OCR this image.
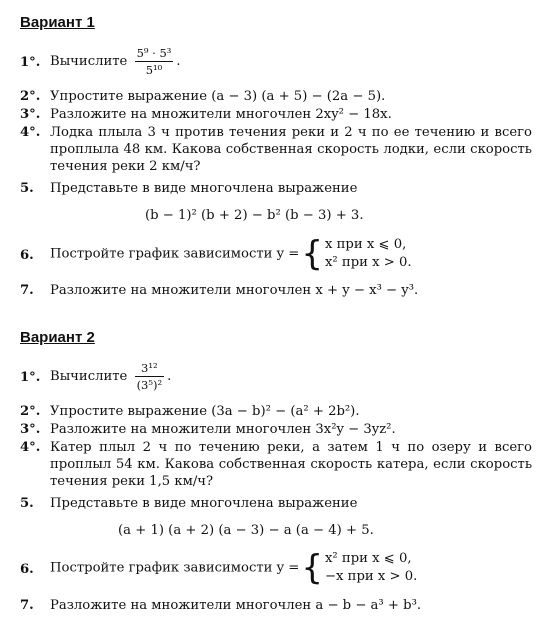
Вариант 1
1°. Вычислите $\frac{\text{5⁹ · 5³}}{\text{5¹⁰}}$ .
2°. Упростите выражение (a − 3) (a + 5) − (2a − 5).
3°. Разложите на множители многочлен 2xy² − 18x.
4°. Лодка плыла 3 ч против течения реки и 2 ч по ее течению и всего проплыла 48 км. Какова собственная скорость лодки, если скорость течения реки 2 км/ч?
5. Представьте в виде многочлена выражение
(b − 1)² (b + 2) − b² (b − 3) + 3.
6. Постройте график зависимости y ={ x при x ⩽ 0,
x² при x > 0.
7. Разложите на множители многочлен x + y − x³ − y³.
Вариант 2
1°. Вычислите $\frac{\text{3¹²}}{\text{(3⁵)²}}$ .
2°. Упростите выражение (3a − b)² − (a² + 2b²).
3°. Разложите на множители многочлен 3x²y − 3yz².
4°. Катер плыл 2 ч по течению реки, а затем 1 ч по озеру и всего проплыл 54 км. Какова собственная скорость катера, если скорость течения реки 1,5 км/ч?
5. Представьте в виде многочлена выражение
(a + 1) (a + 2) (a − 3) − a (a − 4) + 5.
6. Постройте график зависимости y ={ x² при x ⩽ 0,
−x при x > 0.
7. Разложите на множители многочлен a − b − a³ + b³.
